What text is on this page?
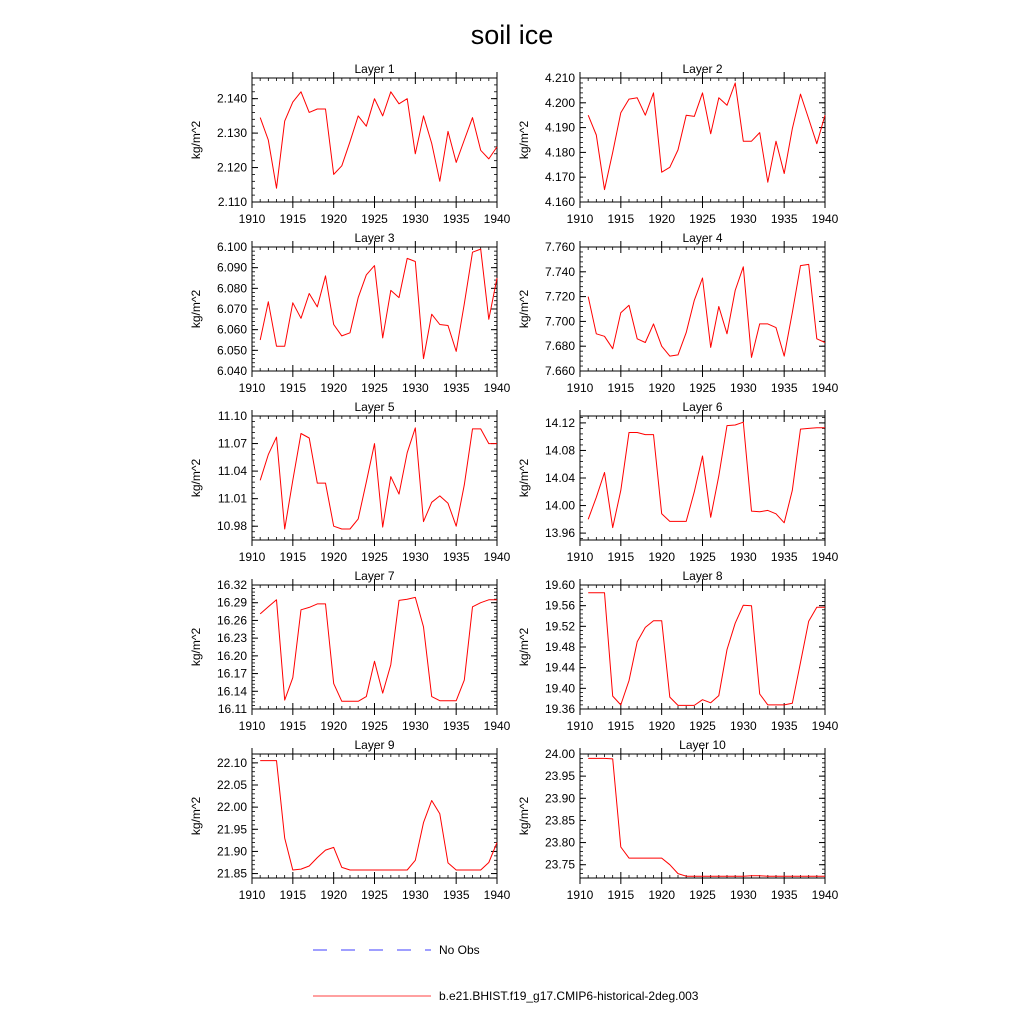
soil ice
Layer 1
kg/m^2
2.110
2.120
2.130
2.140
1910 1915 1920 1925 1930 1935 1940
Layer 2
kg/m^2
4.160
4.170
4.180
4.190
4.200
4.210
1910 1915 1920 1925 1930 1935 1940
Layer 3
kg/m^2
6.040
6.050
6.060
6.070
6.080
6.090
6.100
1910 1915 1920 1925 1930 1935 1940
Layer 4
kg/m^2
7.660
7.680
7.700
7.720
7.740
7.760
1910 1915 1920 1925 1930 1935 1940
Layer 5
kg/m^2
10.98
11.01
11.04
11.07
11.10
1910 1915 1920 1925 1930 1935 1940
Layer 6
kg/m^2
13.96
14.00
14.04
14.08
14.12
1910 1915 1920 1925 1930 1935 1940
Layer 7
kg/m^2
16.11
16.14
16.17
16.20
16.23
16.26
16.29
16.32
1910 1915 1920 1925 1930 1935 1940
Layer 8
kg/m^2
19.36
19.40
19.44
19.48
19.52
19.56
19.60
1910 1915 1920 1925 1930 1935 1940
Layer 9
kg/m^2
21.85
21.90
21.95
22.00
22.05
22.10
1910 1915 1920 1925 1930 1935 1940
Layer 10
kg/m^2
23.75
23.80
23.85
23.90
23.95
24.00
1910 1915 1920 1925 1930 1935 1940
No Obs
b.e21.BHIST.f19_g17.CMIP6-historical-2deg.003
